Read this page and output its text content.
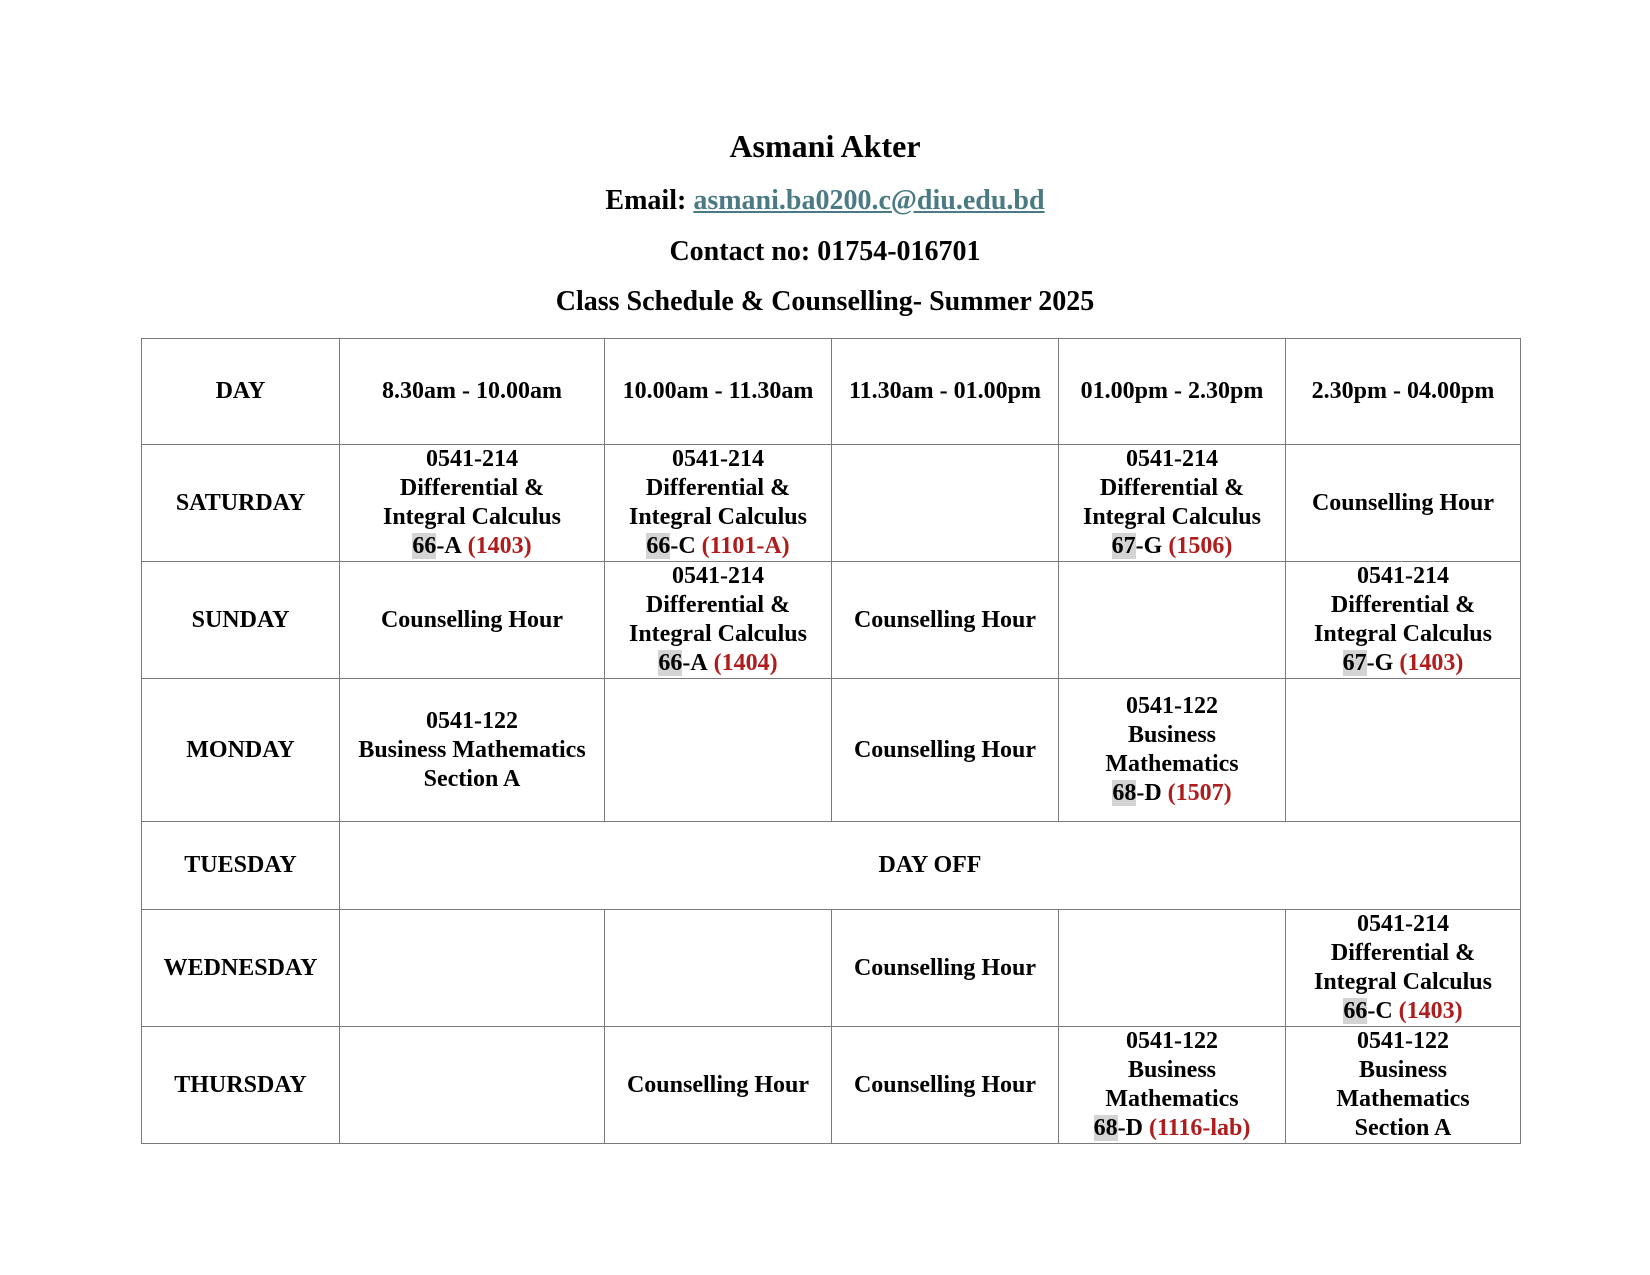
Asmani Akter
Email: asmani.ba0200.c@diu.edu.bd
Contact no: 01754-016701
Class Schedule & Counselling- Summer 2025
DAY	8.30am - 10.00am	10.00am - 11.30am	11.30am - 01.00pm	01.00pm - 2.30pm	2.30pm - 04.00pm
SATURDAY	0541-214
Differential &
Integral Calculus
66-A (1403)	0541-214
Differential &
Integral Calculus
66-C (1101-A)		0541-214
Differential &
Integral Calculus
67-G (1506)	Counselling Hour
SUNDAY	Counselling Hour	0541-214
Differential &
Integral Calculus
66-A (1404)	Counselling Hour		0541-214
Differential &
Integral Calculus
67-G (1403)

MONDAY	0541-122
Business Mathematics
Section A		Counselling Hour	0541-122
Business
Mathematics
68-D (1507)	

TUESDAY	DAY OFF				
WEDNESDAY			Counselling Hour		0541-214
Differential &
Integral Calculus
66-C (1403)

THURSDAY		Counselling Hour	Counselling Hour	0541-122
Business
Mathematics
68-D (1116-lab)	0541-122
Business
Mathematics
Section A
